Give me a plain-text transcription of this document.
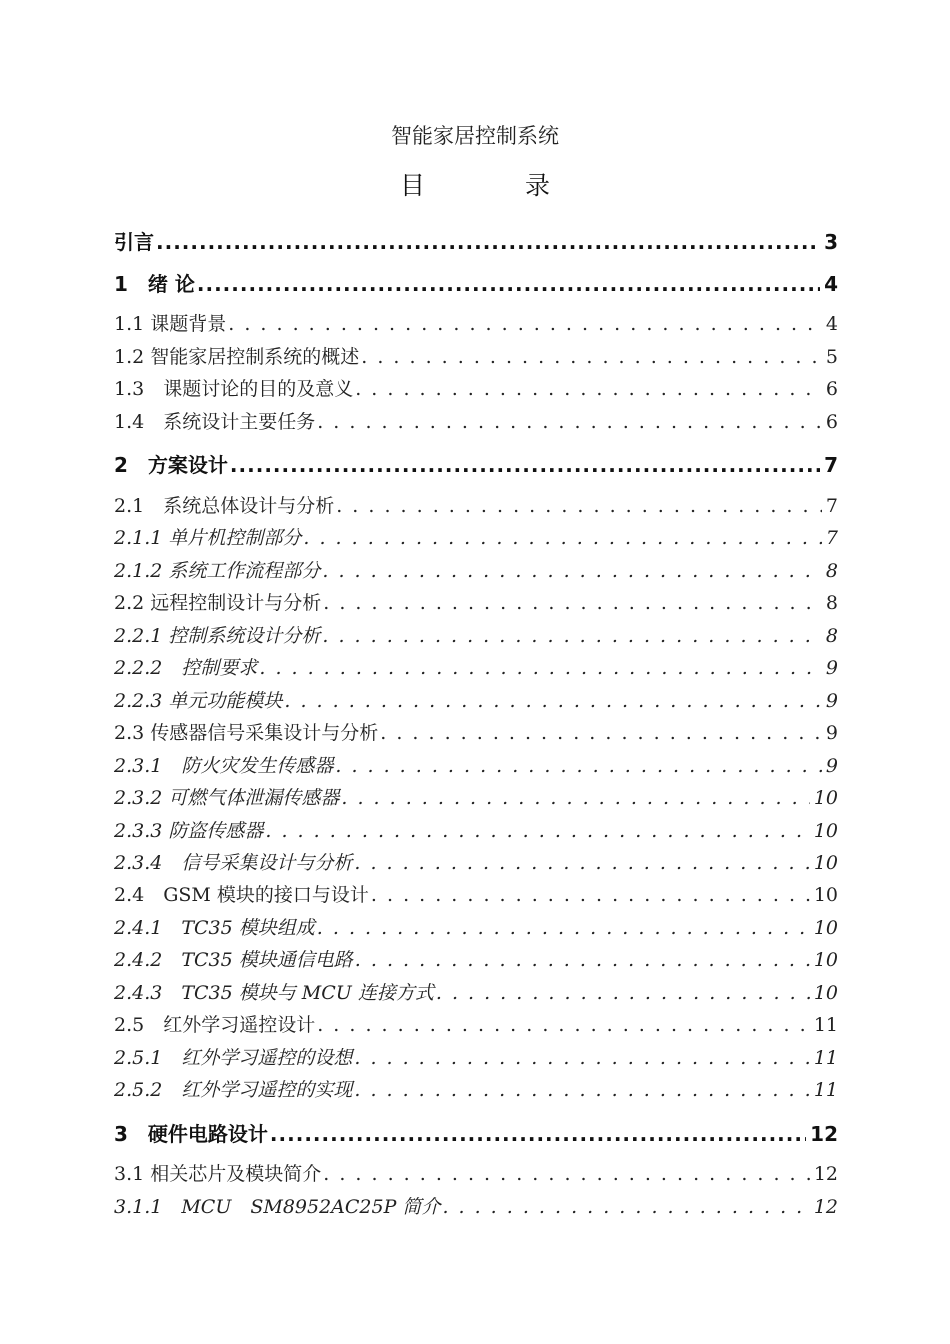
智能家居控制系统
目 录
引言 .....	3
1　绪 论 .....	4
1.1 课题背景 . . .	4
1.2 智能家居控制系统的概述 . . .	5
1.3　课题讨论的目的及意义 . . .	6
1.4　系统设计主要任务 . . .	6
2　方案设计 .....	7
2.1　系统总体设计与分析 . . .	7
2.1.1 单片机控制部分 . . .	7
2.1.2 系统工作流程部分 . . .	8
2.2 远程控制设计与分析 . . .	8
2.2.1 控制系统设计分析 . . .	8
2.2.2　控制要求 . . .	9
2.2.3 单元功能模块 . . .	9
2.3 传感器信号采集设计与分析 . . .	9
2.3.1　防火灾发生传感器 . . .	9
2.3.2 可燃气体泄漏传感器 . . .	10
2.3.3 防盗传感器 . . .	10
2.3.4　信号采集设计与分析 . . .	10
2.4　GSM 模块的接口与设计 . . .	10
2.4.1　TC35 模块组成 . . .	10
2.4.2　TC35 模块通信电路 . . .	10
2.4.3　TC35 模块与 MCU 连接方式 . . .	10
2.5　红外学习遥控设计 . . .	11
2.5.1　红外学习遥控的设想 . . .	11
2.5.2　红外学习遥控的实现 . . .	11
3　硬件电路设计 .....	12
3.1 相关芯片及模块简介 . . .	12
3.1.1　MCU　SM8952AC25P 简介 . . .	12
